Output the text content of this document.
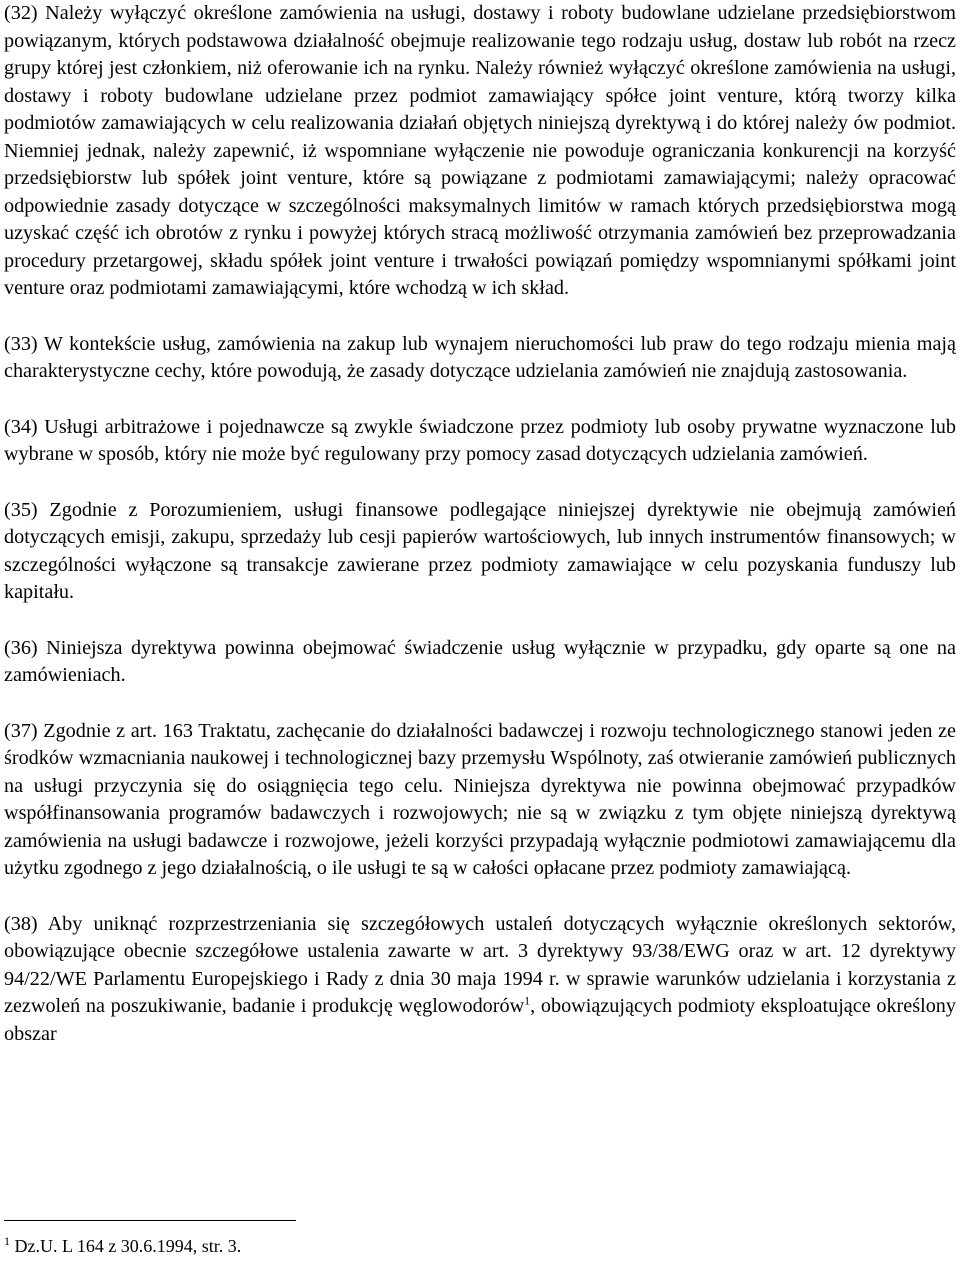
(32) Należy wyłączyć określone zamówienia na usługi, dostawy i roboty budowlane udzielane przedsiębiorstwom powiązanym, których podstawowa działalność obejmuje realizowanie tego rodzaju usług, dostaw lub robót na rzecz grupy której jest członkiem, niż oferowanie ich na rynku. Należy również wyłączyć określone zamówienia na usługi, dostawy i roboty budowlane udzielane przez podmiot zamawiający spółce joint venture, którą tworzy kilka podmiotów zamawiających w celu realizowania działań objętych niniejszą dyrektywą i do której należy ów podmiot. Niemniej jednak, należy zapewnić, iż wspomniane wyłączenie nie powoduje ograniczania konkurencji na korzyść przedsiębiorstw lub spółek joint venture, które są powiązane z podmiotami zamawiającymi; należy opracować odpowiednie zasady dotyczące w szczególności maksymalnych limitów w ramach których przedsiębiorstwa mogą uzyskać część ich obrotów z rynku i powyżej których stracą możliwość otrzymania zamówień bez przeprowadzania procedury przetargowej, składu spółek joint venture i trwałości powiązań pomiędzy wspomnianymi spółkami joint venture oraz podmiotami zamawiającymi, które wchodzą w ich skład.

(33) W kontekście usług, zamówienia na zakup lub wynajem nieruchomości lub praw do tego rodzaju mienia mają charakterystyczne cechy, które powodują, że zasady dotyczące udzielania zamówień nie znajdują zastosowania.

(34) Usługi arbitrażowe i pojednawcze są zwykle świadczone przez podmioty lub osoby prywatne wyznaczone lub wybrane w sposób, który nie może być regulowany przy pomocy zasad dotyczących udzielania zamówień.

(35) Zgodnie z Porozumieniem, usługi finansowe podlegające niniejszej dyrektywie nie obejmują zamówień dotyczących emisji, zakupu, sprzedaży lub cesji papierów wartościowych, lub innych instrumentów finansowych; w szczególności wyłączone są transakcje zawierane przez podmioty zamawiające w celu pozyskania funduszy lub kapitału.

(36) Niniejsza dyrektywa powinna obejmować świadczenie usług wyłącznie w przypadku, gdy oparte są one na zamówieniach.

(37) Zgodnie z art. 163 Traktatu, zachęcanie do działalności badawczej i rozwoju technologicznego stanowi jeden ze środków wzmacniania naukowej i technologicznej bazy przemysłu Wspólnoty, zaś otwieranie zamówień publicznych na usługi przyczynia się do osiągnięcia tego celu. Niniejsza dyrektywa nie powinna obejmować przypadków współfinansowania programów badawczych i rozwojowych; nie są w związku z tym objęte niniejszą dyrektywą zamówienia na usługi badawcze i rozwojowe, jeżeli korzyści przypadają wyłącznie podmiotowi zamawiającemu dla użytku zgodnego z jego działalnością, o ile usługi te są w całości opłacane przez podmioty zamawiającą.

(38) Aby uniknąć rozprzestrzeniania się szczegółowych ustaleń dotyczących wyłącznie określonych sektorów, obowiązujące obecnie szczegółowe ustalenia zawarte w art. 3 dyrektywy 93/38/EWG oraz w art. 12 dyrektywy 94/22/WE Parlamentu Europejskiego i Rady z dnia 30 maja 1994 r. w sprawie warunków udzielania i korzystania z zezwoleń na poszukiwanie, badanie i produkcję węglowodorów$^1$, obowiązujących podmioty eksploatujące określony obszar

$^1$ Dz.U. L 164 z 30.6.1994, str. 3.
